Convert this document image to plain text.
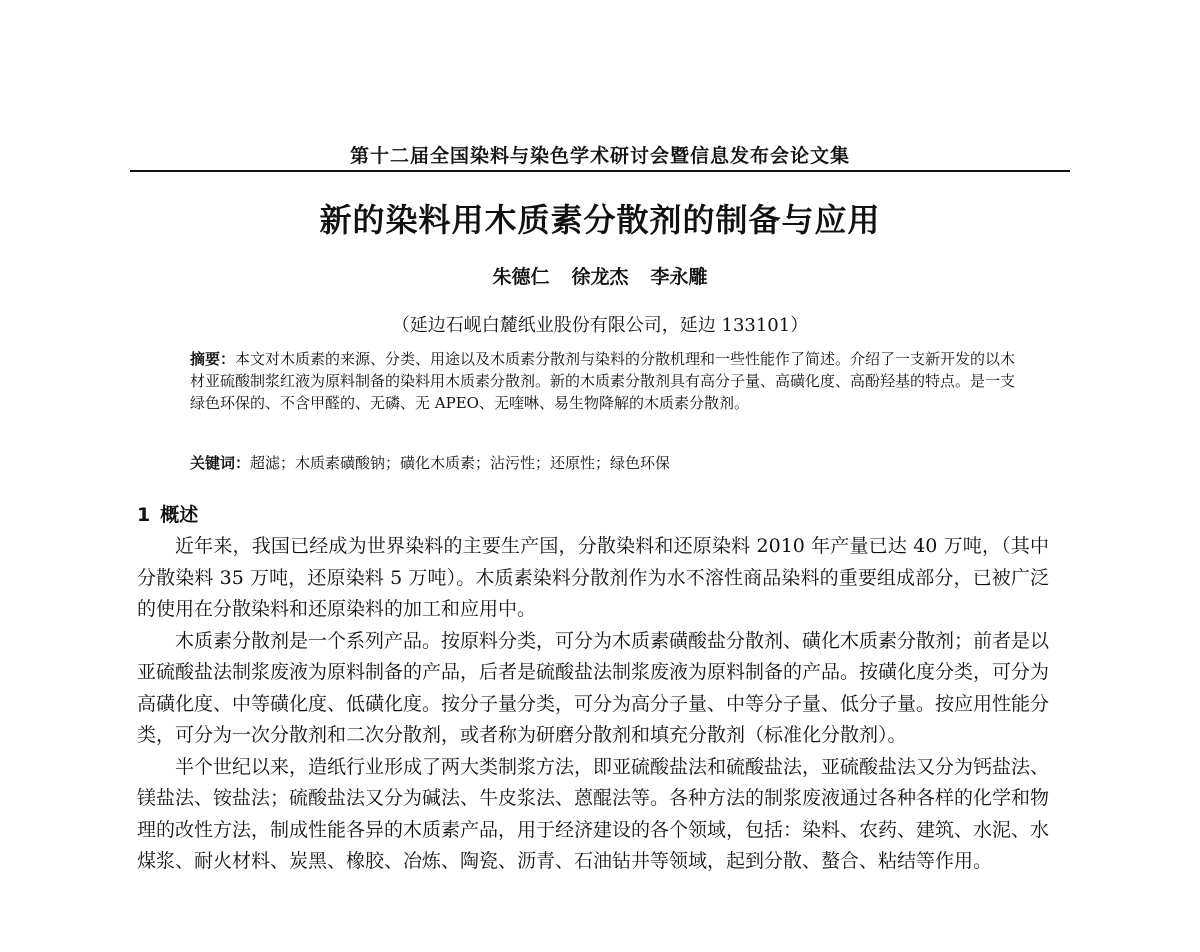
第十二届全国染料与染色学术研讨会暨信息发布会论文集
新的染料用木质素分散剂的制备与应用
朱德仁 徐龙杰 李永雕
（延边石岘白麓纸业股份有限公司，延边 133101）
摘要：本文对木质素的来源、分类、用途以及木质素分散剂与染料的分散机理和一些性能作了简述。介绍了一支新开发的以木材亚硫酸制浆红液为原料制备的染料用木质素分散剂。新的木质素分散剂具有高分子量、高磺化度、高酚羟基的特点。是一支绿色环保的、不含甲醛的、无磷、无 APEO、无喹啉、易生物降解的木质素分散剂。
关键词：超滤；木质素磺酸钠；磺化木质素；沾污性；还原性；绿色环保
1 概述

近年来，我国已经成为世界染料的主要生产国，分散染料和还原染料 2010 年产量已达 40 万吨，（其中分散染料 35 万吨，还原染料 5 万吨）。木质素染料分散剂作为水不溶性商品染料的重要组成部分，已被广泛的使用在分散染料和还原染料的加工和应用中。

木质素分散剂是一个系列产品。按原料分类，可分为木质素磺酸盐分散剂、磺化木质素分散剂；前者是以亚硫酸盐法制浆废液为原料制备的产品，后者是硫酸盐法制浆废液为原料制备的产品。按磺化度分类，可分为高磺化度、中等磺化度、低磺化度。按分子量分类，可分为高分子量、中等分子量、低分子量。按应用性能分类，可分为一次分散剂和二次分散剂，或者称为研磨分散剂和填充分散剂（标准化分散剂）。

半个世纪以来，造纸行业形成了两大类制浆方法，即亚硫酸盐法和硫酸盐法，亚硫酸盐法又分为钙盐法、镁盐法、铵盐法；硫酸盐法又分为碱法、牛皮浆法、蒽醌法等。各种方法的制浆废液通过各种各样的化学和物理的改性方法，制成性能各异的木质素产品，用于经济建设的各个领域，包括：染料、农药、建筑、水泥、水煤浆、耐火材料、炭黑、橡胶、冶炼、陶瓷、沥青、石油钻井等领域，起到分散、螯合、粘结等作用。
